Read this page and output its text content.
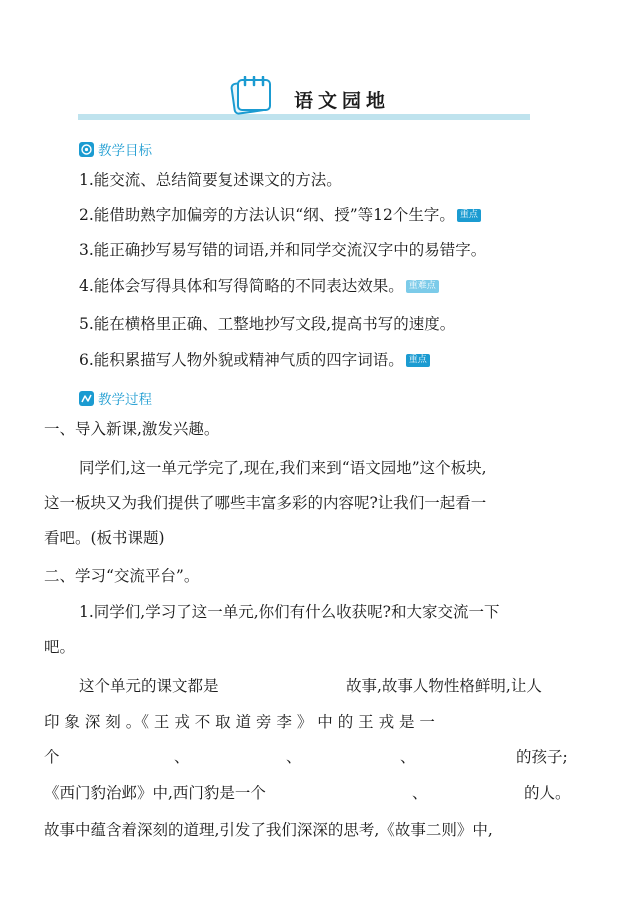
语文园地
教学目标
1.能交流、总结简要复述课文的方法。
2.能借助熟字加偏旁的方法认识“纲、授”等12个生字。 重点
3.能正确抄写易写错的词语,并和同学交流汉字中的易错字。
4.能体会写得具体和写得简略的不同表达效果。 重难点
5.能在横格里正确、工整地抄写文段,提高书写的速度。
6.能积累描写人物外貌或精神气质的四字词语。 重点
教学过程
一、导入新课,激发兴趣。
同学们,这一单元学完了,现在,我们来到“语文园地”这个板块,
这一板块又为我们提供了哪些丰富多彩的内容呢?让我们一起看一
看吧。(板书课题)
二、学习“交流平台”。
1.同学们,学习了这一单元,你们有什么收获呢?和大家交流一下
吧。
这个单元的课文都是	故事,故事人物性格鲜明,让人
印 象 深 刻 。《 王 戎 不 取 道 旁 李 》 中 的 王 戎 是 一
个	、	、	、	的孩子;
《西门豹治邺》中,西门豹是一个	、	的人。
故事中蕴含着深刻的道理,引发了我们深深的思考,《故事二则》中,
